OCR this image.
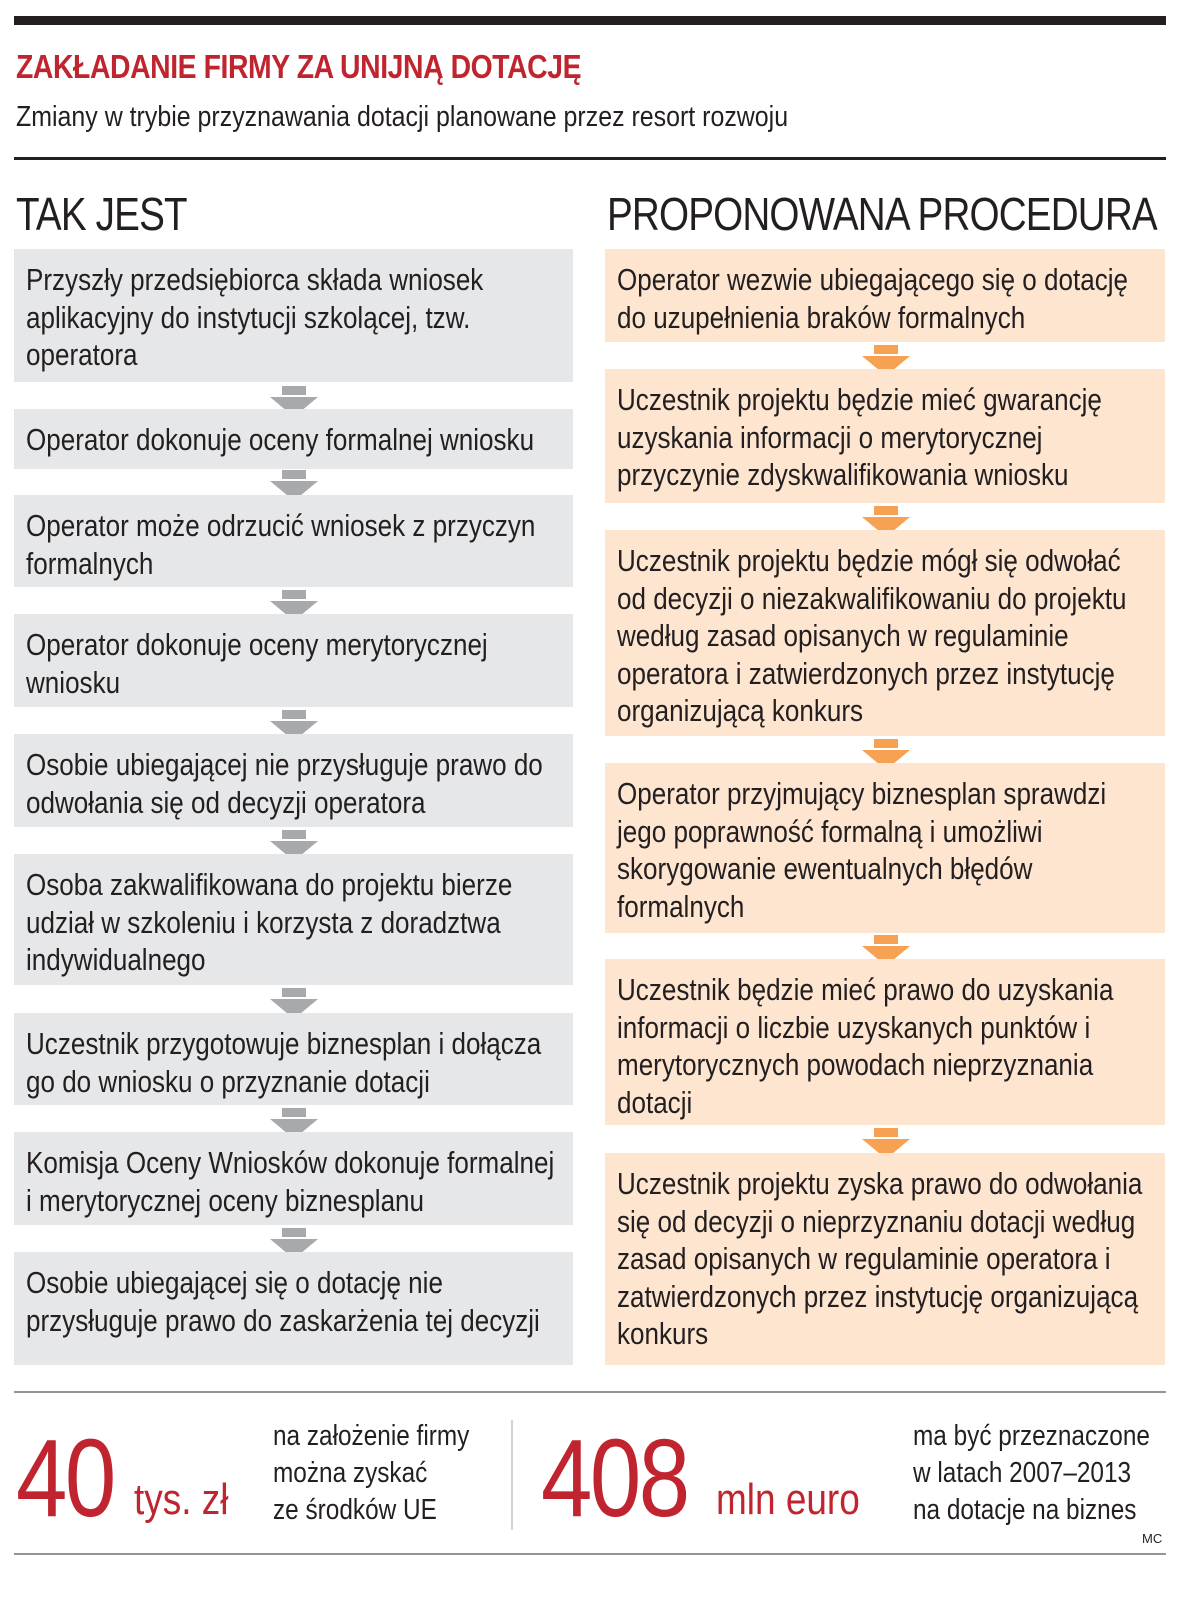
ZAKŁADANIE FIRMY ZA UNIJNĄ DOTACJĘ
Zmiany w trybie przyznawania dotacji planowane przez resort rozwoju
TAK JEST	PROPONOWANA PROCEDURA
Przyszły przedsiębiorca składa wniosek aplikacyjny do instytucji szkolącej, tzw. operatora
Operator dokonuje oceny formalnej wniosku
Operator może odrzucić wniosek z przyczyn formalnych
Operator dokonuje oceny merytorycznej wniosku
Osobie ubiegającej nie przysługuje prawo do odwołania się od decyzji operatora
Osoba zakwalifikowana do projektu bierze udział w szkoleniu i korzysta z doradztwa indywidualnego
Uczestnik przygotowuje biznesplan i dołącza go do wniosku o przyznanie dotacji
Komisja Oceny Wniosków dokonuje formalnej i merytorycznej oceny biznesplanu
Osobie ubiegającej się o dotację nie przysługuje prawo do zaskarżenia tej decyzji
Operator wezwie ubiegającego się o dotację do uzupełnienia braków formalnych
Uczestnik projektu będzie mieć gwarancję uzyskania informacji o merytorycznej przyczynie zdyskwalifikowania wniosku
Uczestnik projektu będzie mógł się odwołać od decyzji o niezakwalifikowaniu do projektu według zasad opisanych w regulaminie operatora i zatwierdzonych przez instytucję organizującą konkurs
Operator przyjmujący biznesplan sprawdzi jego poprawność formalną i umożliwi skorygowanie ewentualnych błędów formalnych
Uczestnik będzie mieć prawo do uzyskania informacji o liczbie uzyskanych punktów i merytorycznych powodach nieprzyznania dotacji
Uczestnik projektu zyska prawo do odwołania się od decyzji o nieprzyznaniu dotacji według zasad opisanych w regulaminie operatora i zatwierdzonych przez instytucję organizującą konkurs
40 tys. zł
na założenie firmy
można zyskać
ze środków UE 408 mln euro
ma być przeznaczone
w latach 2007–2013
na dotacje na biznes
MC
